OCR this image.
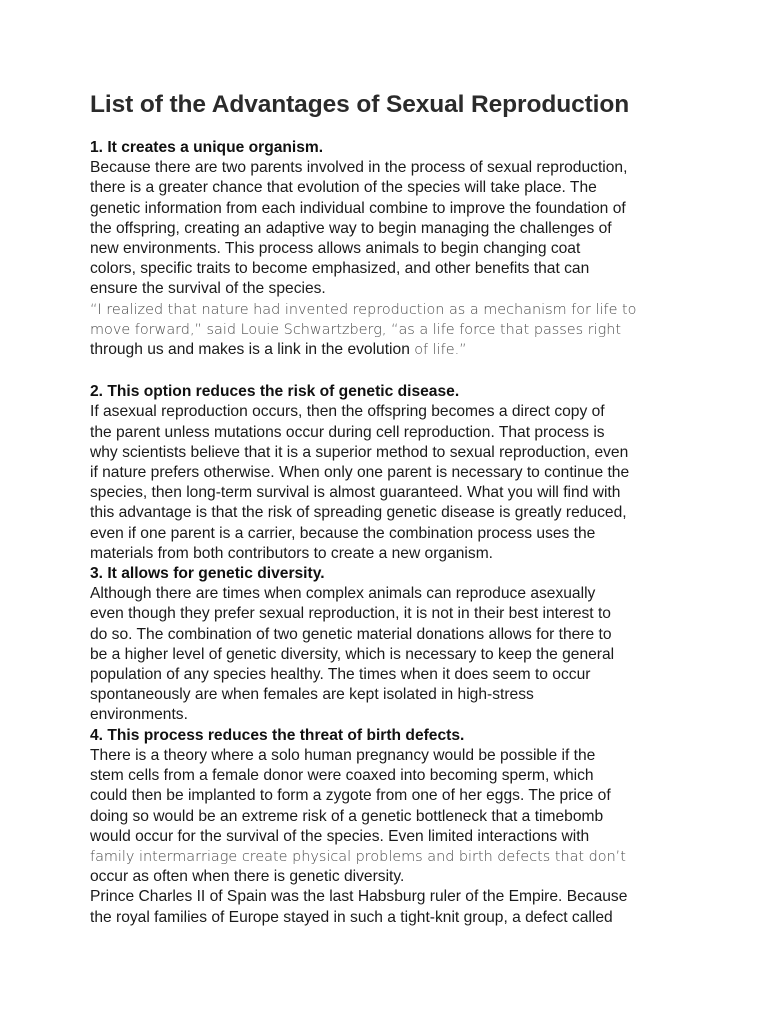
List of the Advantages of Sexual Reproduction

1. It creates a unique organism.

Because there are two parents involved in the process of sexual reproduction,
there is a greater chance that evolution of the species will take place. The
genetic information from each individual combine to improve the foundation of
the offspring, creating an adaptive way to begin managing the challenges of
new environments. This process allows animals to begin changing coat
colors, specific traits to become emphasized, and other benefits that can
ensure the survival of the species.

“I realized that nature had invented reproduction as a mechanism for life to
move forward,” said Louie Schwartzberg, “as a life force that passes right
through us and makes is a link in the evolution of life.”

2. This option reduces the risk of genetic disease.

If asexual reproduction occurs, then the offspring becomes a direct copy of
the parent unless mutations occur during cell reproduction. That process is
why scientists believe that it is a superior method to sexual reproduction, even
if nature prefers otherwise. When only one parent is necessary to continue the
species, then long-term survival is almost guaranteed. What you will find with
this advantage is that the risk of spreading genetic disease is greatly reduced,
even if one parent is a carrier, because the combination process uses the
materials from both contributors to create a new organism.

3. It allows for genetic diversity.

Although there are times when complex animals can reproduce asexually
even though they prefer sexual reproduction, it is not in their best interest to
do so. The combination of two genetic material donations allows for there to
be a higher level of genetic diversity, which is necessary to keep the general
population of any species healthy. The times when it does seem to occur
spontaneously are when females are kept isolated in high-stress
environments.

4. This process reduces the threat of birth defects.

There is a theory where a solo human pregnancy would be possible if the
stem cells from a female donor were coaxed into becoming sperm, which
could then be implanted to form a zygote from one of her eggs. The price of
doing so would be an extreme risk of a genetic bottleneck that a timebomb
would occur for the survival of the species. Even limited interactions with
family intermarriage create physical problems and birth defects that don’t
occur as often when there is genetic diversity.
Prince Charles II of Spain was the last Habsburg ruler of the Empire. Because
the royal families of Europe stayed in such a tight-knit group, a defect called
